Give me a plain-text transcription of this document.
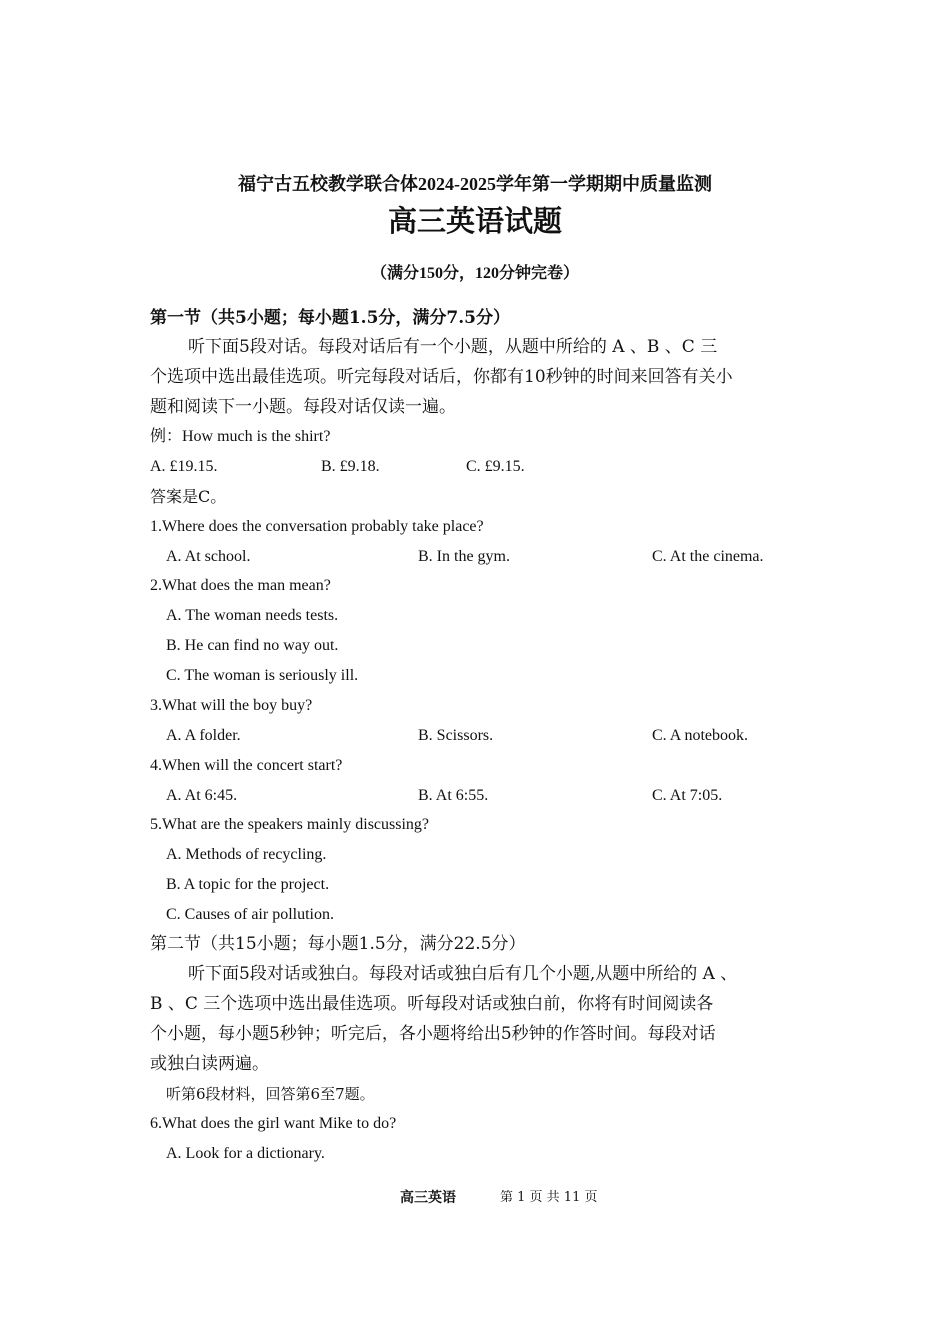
福宁古五校教学联合体2024-2025学年第一学期期中质量监测
高三英语试题
（满分150分，120分钟完卷）
第一节（共5小题；每小题1.5分，满分7.5分）
听下面5段对话。每段对话后有一个小题，从题中所给的 A 、B 、C 三
个选项中选出最佳选项。听完每段对话后，你都有10秒钟的时间来回答有关小
题和阅读下一小题。每段对话仅读一遍。
例：How much is the shirt?
A. £19.15.	B. £9.18.	C. £9.15.
答案是C。
1.Where does the conversation probably take place?
A. At school.	B. In the gym.	C. At the cinema.
2.What does the man mean?
A. The woman needs tests.
B. He can find no way out.
C. The woman is seriously ill.
3.What will the boy buy?
A. A folder.	B. Scissors.	C. A notebook.
4.When will the concert start?
A. At 6:45.	B. At 6:55.	C. At 7:05.
5.What are the speakers mainly discussing?
A. Methods of recycling.
B. A topic for the project.
C. Causes of air pollution.
第二节（共15小题；每小题1.5分，满分22.5分）
听下面5段对话或独白。每段对话或独白后有几个小题,从题中所给的 A 、
B 、C 三个选项中选出最佳选项。听每段对话或独白前，你将有时间阅读各
个小题，每小题5秒钟；听完后，各小题将给出5秒钟的作答时间。每段对话
或独白读两遍。
听第6段材料，回答第6至7题。
6.What does the girl want Mike to do?
A. Look for a dictionary.
高三英语	第 1 页 共 11 页
